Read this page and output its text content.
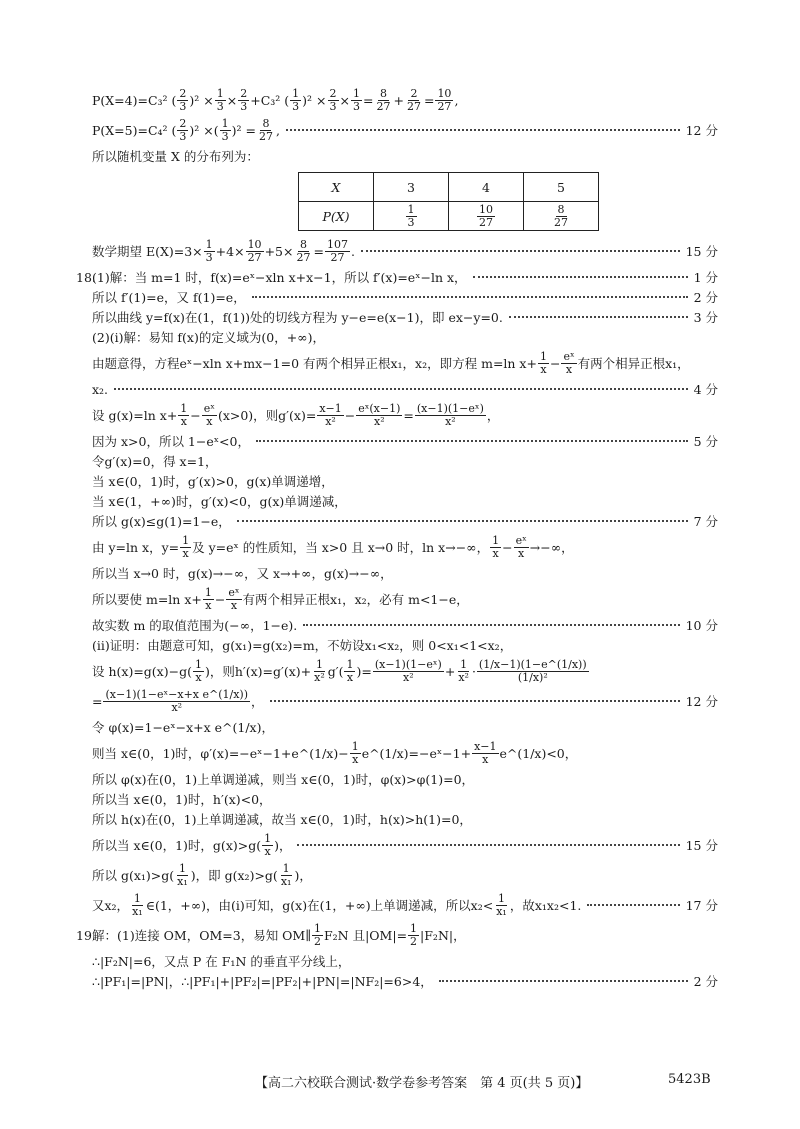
P(X=4)=C₃² ( $\frac{2}{3} )^2 \times \frac{1}{3} \times \frac{2}{3} +C_3^2$ ( $\frac{1}{3} )^2 \times \frac{2}{3} \times \frac{1}{3} = \frac{8}{27} + \frac{2}{27} = \frac{10}{27}$ ,
P(X=5)=C₄² ( $\frac{2}{3} )^2$ ×( $\frac{1}{3} )^2 = \frac{8}{27}$ ,	12 分
所以随机变量 X 的分布列为：
X	3	4	5
P(X)	$\frac{1}{3}$	$\frac{10}{27}$	$\frac{8}{27}$
数学期望 $E(X)=3\times \frac{1}{3} +4\times \frac{10}{27} +5\times \frac{8}{27} = \frac{107}{27}$ .	15 分
18.
(1)解：当 m=1 时，f(x)=eˣ−xln x+x−1，所以 f′(x)=eˣ−ln x，	1 分
所以 f′(1)=e，又 f(1)=e，	2 分
所以曲线 y=f(x)在(1，f(1))处的切线方程为 y−e=e(x−1)，即 ex−y=0.	3 分
(2)(ⅰ)解：易知 f(x)的定义域为(0，+∞)，
由题意得，方程eˣ−xln x+mx−1=0 有两个相异正根x₁，x₂，即方程 m=ln $x+ \frac{1}{x} - \frac{\text{eˣ}}{x}$ 有两个相异正根x₁，
x₂.	4 分
设 g(x)=ln $x+ \frac{1}{x} - \frac{\text{eˣ}}{x} (x>0)$，则$g'(x)= \frac{x-1}{\text{x²}} - \frac{\text{eˣ(x−1)}}{\text{x²}} = \frac{\text{(x−1)(1−eˣ)}}{\text{x²}}$ ，
因为 x>0，所以 1−eˣ<0，	5 分
令g′(x)=0，得 x=1，
当 x∈(0，1)时，g′(x)>0，g(x)单调递增，
当 x∈(1，+∞)时，g′(x)<0，g(x)单调递减，
所以 g(x)≤g(1)=1−e，	7 分
由 y=ln x，$y= \frac{1}{x}$ 及 y=eˣ 的性质知，当 x>0 且 x→0 时，ln x→−∞， $\frac{1}{x} - \frac{\text{eˣ}}{x}$ →−∞，
所以当 x→0 时，g(x)→−∞，又 x→+∞，g(x)→−∞，
所以要使 m=ln $x+ \frac{1}{x} - \frac{\text{eˣ}}{x}$ 有两个相异正根x₁，x₂，必有 m<1−e，
故实数 m 的取值范围为(−∞，1−e).	10 分
(ⅱ)证明：由题意可知，g(x₁)=g(x₂)=m，不妨设x₁<x₂，则 0<x₁<1<x₂，
设 $h(x)=g(x)-g( \frac{1}{x}$ )，则$h'(x)=g'(x)+ \frac{1}{\text{x²}} g'( \frac{1}{x}$ )= $\frac{\text{(x−1)(1−eˣ)}}{\text{x²}} + \frac{1}{\text{x²}} \cdot \frac{(1/x-1)(1-e\^{}(1/x))}{\text{(1/x)²}}$
= $\frac{\text{(x−1)(1−eˣ−x+x e\textasciicircum{}(1/x))}}{\text{x²}}$ ，	12 分
令 φ(x)=1−eˣ−x+x e^(1/x)，
则当 x∈(0，1)时，φ′(x)=−eˣ−1+e^(1/x)− $\frac{1}{x}$ e^(1/x)=−eˣ−1+ $\frac{x-1}{x}$ e^(1/x)<0，
所以 φ(x)在(0，1)上单调递减，则当 x∈(0，1)时，φ(x)>φ(1)=0，
所以当 x∈(0，1)时，h′(x)<0，
所以 h(x)在(0，1)上单调递减，故当 x∈(0，1)时，h(x)>h(1)=0，
所以当 x∈(0，1)时，$g(x)>g( \frac{1}{x}$ )，	15 分
所以 $g(x_1)>g( \frac{1}{\text{x₁}}$ )，即 $g(x_2)>g( \frac{1}{\text{x₁}}$ )，
又x₂， $\frac{1}{\text{x₁}}$ ∈(1，+∞)，由(ⅰ)可知，g(x)在(1，+∞)上单调递减，所以$x_2< \frac{1}{\text{x₁}}$ ，故x₁x₂<1.	17 分
19.
解：(1)连接 OM，OM=3，易知 OM∥ $\frac{1}{2} F_2N$ 且$|OM|= \frac{1}{2} |F_2N|$，
∴|F₂N|=6，又点 P 在 F₁N 的垂直平分线上，
∴|PF₁|=|PN|，∴|PF₁|+|PF₂|=|PF₂|+|PN|=|NF₂|=6>4，	2 分
【高二六校联合测试·数学卷参考答案　第 4 页(共 5 页)】	5423B
